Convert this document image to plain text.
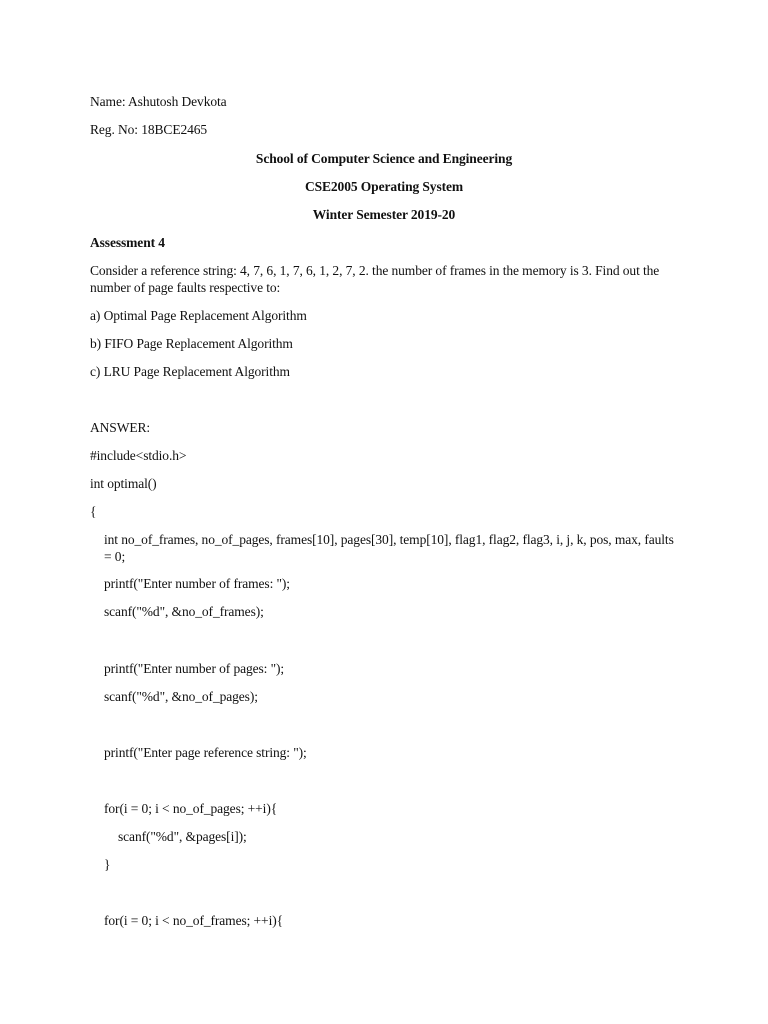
Name: Ashutosh Devkota
Reg. No: 18BCE2465
School of Computer Science and Engineering
CSE2005 Operating System
Winter Semester 2019-20
Assessment 4
Consider a reference string: 4, 7, 6, 1, 7, 6, 1, 2, 7, 2. the number of frames in the memory is 3. Find out the number of page faults respective to:
a) Optimal Page Replacement Algorithm
b) FIFO Page Replacement Algorithm
c) LRU Page Replacement Algorithm
ANSWER:
#include<stdio.h>
int optimal()
{
int no_of_frames, no_of_pages, frames[10], pages[30], temp[10], flag1, flag2, flag3, i, j, k, pos, max, faults = 0;
printf("Enter number of frames: ");
scanf("%d", &no_of_frames);
printf("Enter number of pages: ");
scanf("%d", &no_of_pages);
printf("Enter page reference string: ");
for(i = 0; i < no_of_pages; ++i){
scanf("%d", &pages[i]);
}
for(i = 0; i < no_of_frames; ++i){
